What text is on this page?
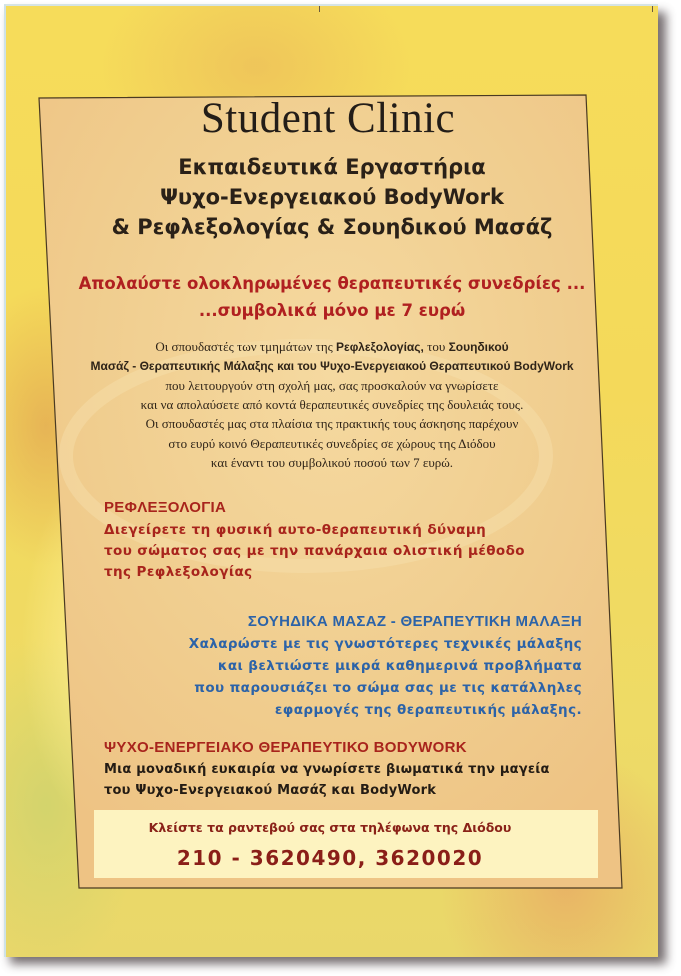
Student Clinic
Εκπαιδευτικά Εργαστήρια
Ψυχο-Ενεργειακού BodyWork
& Ρεφλεξολογίας & Σουηδικού Μασάζ
Απολαύστε ολοκληρωμένες θεραπευτικές συνεδρίες ...
...συμβολικά μόνο με 7 ευρώ
Οι σπουδαστές των τμημάτων της Ρεφλεξολογίας, του Σουηδικού
Μασάζ - Θεραπευτικής Μάλαξης και του Ψυχο-Ενεργειακού Θεραπευτικού BodyWork
που λειτουργούν στη σχολή μας, σας προσκαλούν να γνωρίσετε
και να απολαύσετε από κοντά θεραπευτικές συνεδρίες της δουλειάς τους.
Οι σπουδαστές μας στα πλαίσια της πρακτικής τους άσκησης παρέχουν
στο ευρύ κοινό Θεραπευτικές συνεδρίες σε χώρους της Διόδου
και έναντι του συμβολικού ποσού των 7 ευρώ.
ΡΕΦΛΕΞΟΛΟΓΙΑ
Διεγείρετε τη φυσική αυτο-θεραπευτική δύναμη
του σώματος σας με την πανάρχαια ολιστική μέθοδο
της Ρεφλεξολογίας
ΣΟΥΗΔΙΚΑ ΜΑΣΑΖ - ΘΕΡΑΠΕΥΤΙΚΗ ΜΑΛΑΞΗ
Χαλαρώστε με τις γνωστότερες τεχνικές μάλαξης
και βελτιώστε μικρά καθημερινά προβλήματα
που παρουσιάζει το σώμα σας με τις κατάλληλες
εφαρμογές της θεραπευτικής μάλαξης.
ΨΥΧΟ-ΕΝΕΡΓΕΙΑΚΟ ΘΕΡΑΠΕΥΤΙΚΟ BODYWORK
Μια μοναδική ευκαιρία να γνωρίσετε βιωματικά την μαγεία
του Ψυχο-Ενεργειακού Μασάζ και BodyWork
Κλείστε τα ραντεβού σας στα τηλέφωνα της Διόδου
210 - 3620490, 3620020
